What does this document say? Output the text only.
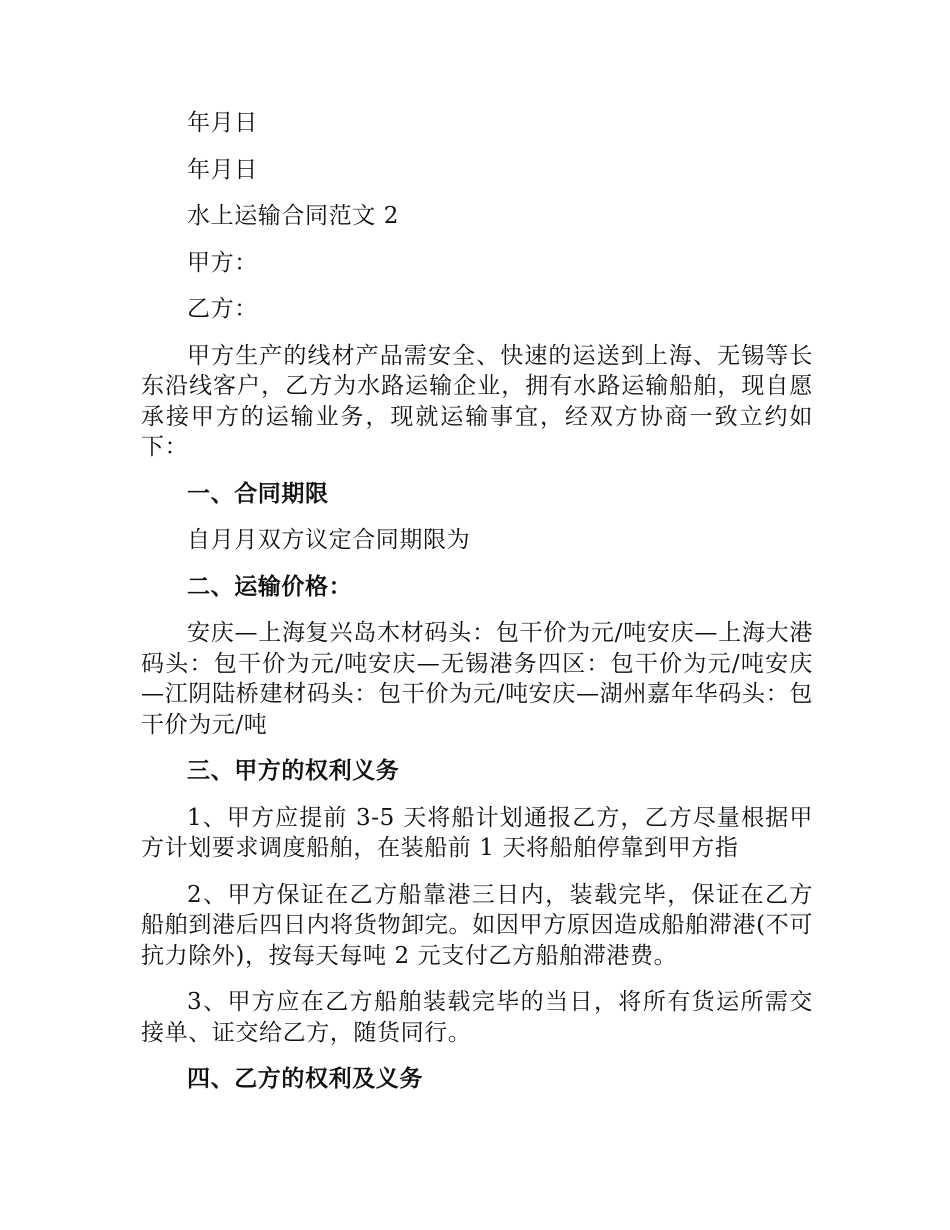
年月日

年月日

水上运输合同范文 2

甲方：

乙方：

甲方生产的线材产品需安全、快速的运送到上海、无锡等长东沿线客户，乙方为水路运输企业，拥有水路运输船舶，现自愿承接甲方的运输业务，现就运输事宜，经双方协商一致立约如下：

一、合同期限

自月月双方议定合同期限为

二、运输价格：

安庆—上海复兴岛木材码头：包干价为元/吨安庆—上海大港码头：包干价为元/吨安庆—无锡港务四区：包干价为元/吨安庆—江阴陆桥建材码头：包干价为元/吨安庆—湖州嘉年华码头：包干价为元/吨

三、甲方的权利义务

1、甲方应提前 3-5 天将船计划通报乙方，乙方尽量根据甲方计划要求调度船舶，在装船前 1 天将船舶停靠到甲方指

2、甲方保证在乙方船靠港三日内，装载完毕，保证在乙方船舶到港后四日内将货物卸完。如因甲方原因造成船舶滞港(不可抗力除外)，按每天每吨 2 元支付乙方船舶滞港费。

3、甲方应在乙方船舶装载完毕的当日，将所有货运所需交接单、证交给乙方，随货同行。

四、乙方的权利及义务
